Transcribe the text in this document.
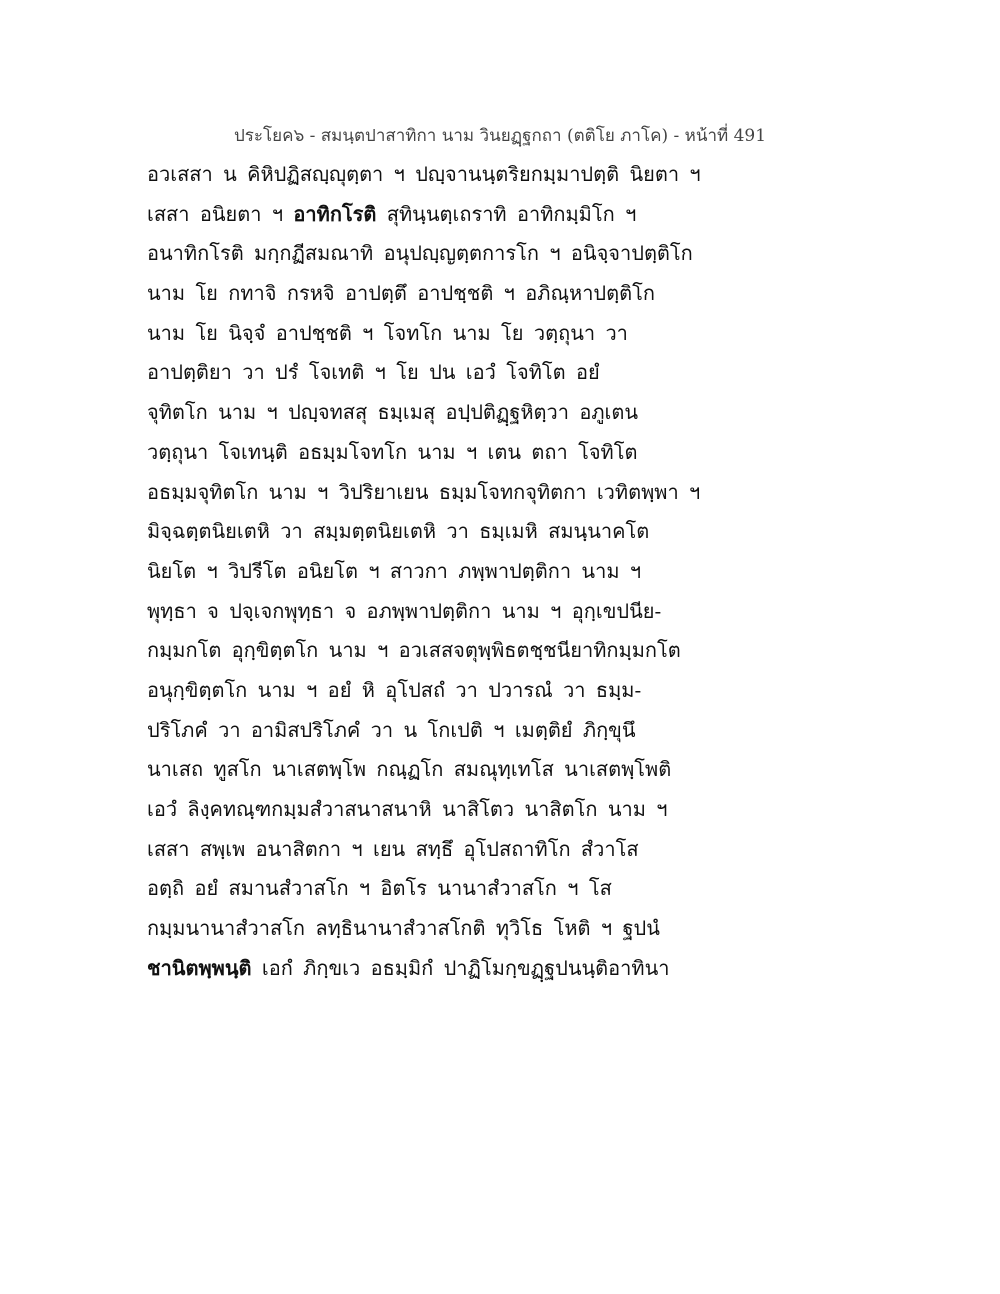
ประโยค๖ - สมนฺตปาสาทิกา นาม วินยฏฺฐกถา (ตติโย ภาโค) - หน้าที่ 491
อวเสสา น คิหิปฏิสญฺญุตฺตา ฯ ปญฺจานนฺตริยกมฺมาปตฺติ นิยตา ฯ
เสสา อนิยตา ฯ อาทิกโรติ สุทินฺนตฺเถราทิ อาทิกมฺมิโก ฯ
อนาทิกโรติ มกฺกฏีสมณาทิ อนุปญฺญตฺตการโก ฯ อนิจฺจาปตฺติโก
นาม โย กทาจิ กรหจิ อาปตฺตึ อาปชฺชติ ฯ อภิณฺหาปตฺติโก
นาม โย นิจฺจํ อาปชฺชติ ฯ โจทโก นาม โย วตฺถุนา วา
อาปตฺติยา วา ปรํ โจเทติ ฯ โย ปน เอวํ โจทิโต อยํ
จุทิตโก นาม ฯ ปญฺจทสสุ ธมฺเมสุ อปฺปติฏฺฐหิตฺวา อภูเตน
วตฺถุนา โจเทนฺติ อธมฺมโจทโก นาม ฯ เตน ตถา โจทิโต
อธมฺมจุทิตโก นาม ฯ วิปริยาเยน ธมฺมโจทกจุทิตกา เวทิตพฺพา ฯ
มิจฺฉตฺตนิยเตหิ วา สมฺมตฺตนิยเตหิ วา ธมฺเมหิ สมนฺนาคโต
นิยโต ฯ วิปรีโต อนิยโต ฯ สาวกา ภพฺพาปตฺติกา นาม ฯ
พุทฺธา จ ปจฺเจกพุทฺธา จ อภพฺพาปตฺติกา นาม ฯ อุกฺเขปนีย-
กมฺมกโต อุกฺขิตฺตโก นาม ฯ อวเสสจตุพฺพิธตชฺชนียาทิกมฺมกโต
อนุกฺขิตฺตโก นาม ฯ อยํ หิ อุโปสถํ วา ปวารณํ วา ธมฺม-
ปริโภคํ วา อามิสปริโภคํ วา น โกเปติ ฯ เมตฺติยํ ภิกฺขุนึ
นาเสถ ทูสโก นาเสตพฺโพ กณฺฏโก สมณุทฺเทโส นาเสตพฺโพติ
เอวํ ลิงฺคทณฺฑกมฺมสํวาสนาสนาหิ นาสิโตว นาสิตโก นาม ฯ
เสสา สพฺเพ อนาสิตกา ฯ เยน สทฺธึ อุโปสถาทิโก สํวาโส
อตฺถิ อยํ สมานสํวาสโก ฯ อิตโร นานาสํวาสโก ฯ โส
กมฺมนานาสํวาสโก ลทฺธินานาสํวาสโกติ ทุวิโธ โหติ ฯ ฐปนํ
ชานิตพฺพนฺติ เอกํ ภิกฺขเว อธมฺมิกํ ปาฏิโมกฺขฏฺฐปนนฺติอาทินา
